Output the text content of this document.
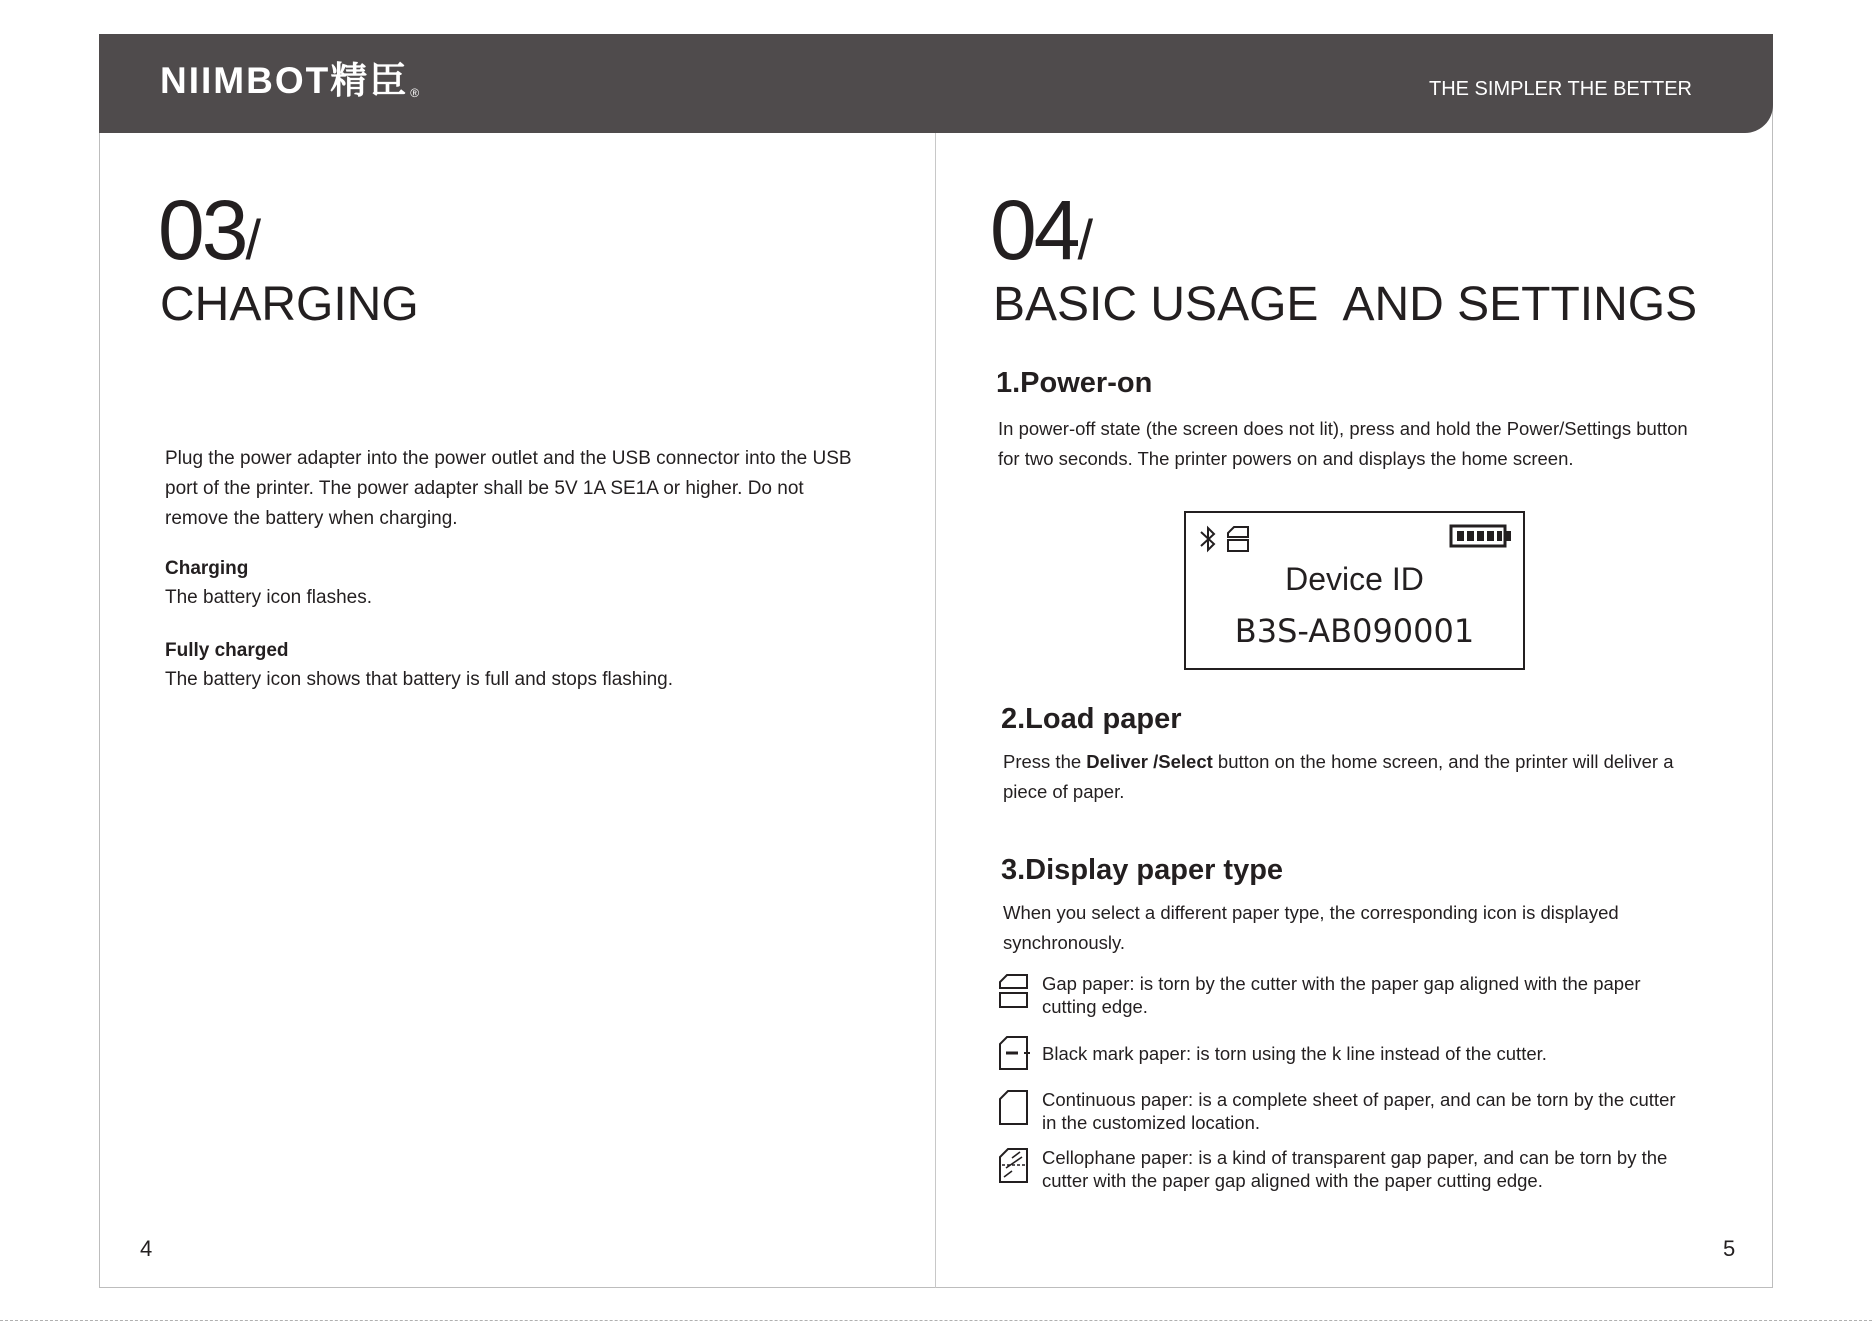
NIIMBOT精臣 ®	THE SIMPLER THE BETTER
03/
CHARGING

Plug the power adapter into the power outlet and the USB connector into the USB

port of the printer. The power adapter shall be 5V 1A SE1A or higher. Do not

remove the battery when charging.

Charging

The battery icon flashes.

Fully charged

The battery icon shows that battery is full and stops flashing.

4
04/
BASIC USAGE  AND SETTINGS
1.Power-on

In power-off state (the screen does not lit), press and hold the Power/Settings button

for two seconds. The printer powers on and displays the home screen.

Device ID
B3S-AB090001
2.Load paper

Press the Deliver /Select button on the home screen, and the printer will deliver a

piece of paper.

3.Display paper type

When you select a different paper type, the corresponding icon is displayed

synchronously.

Gap paper: is torn by the cutter with the paper gap aligned with the paper
cutting edge.
Black mark paper: is torn using the k line instead of the cutter.
Continuous paper: is a complete sheet of paper, and can be torn by the cutter
in the customized location.
Cellophane paper: is a kind of transparent gap paper, and can be torn by the
cutter with the paper gap aligned with the paper cutting edge.
5
